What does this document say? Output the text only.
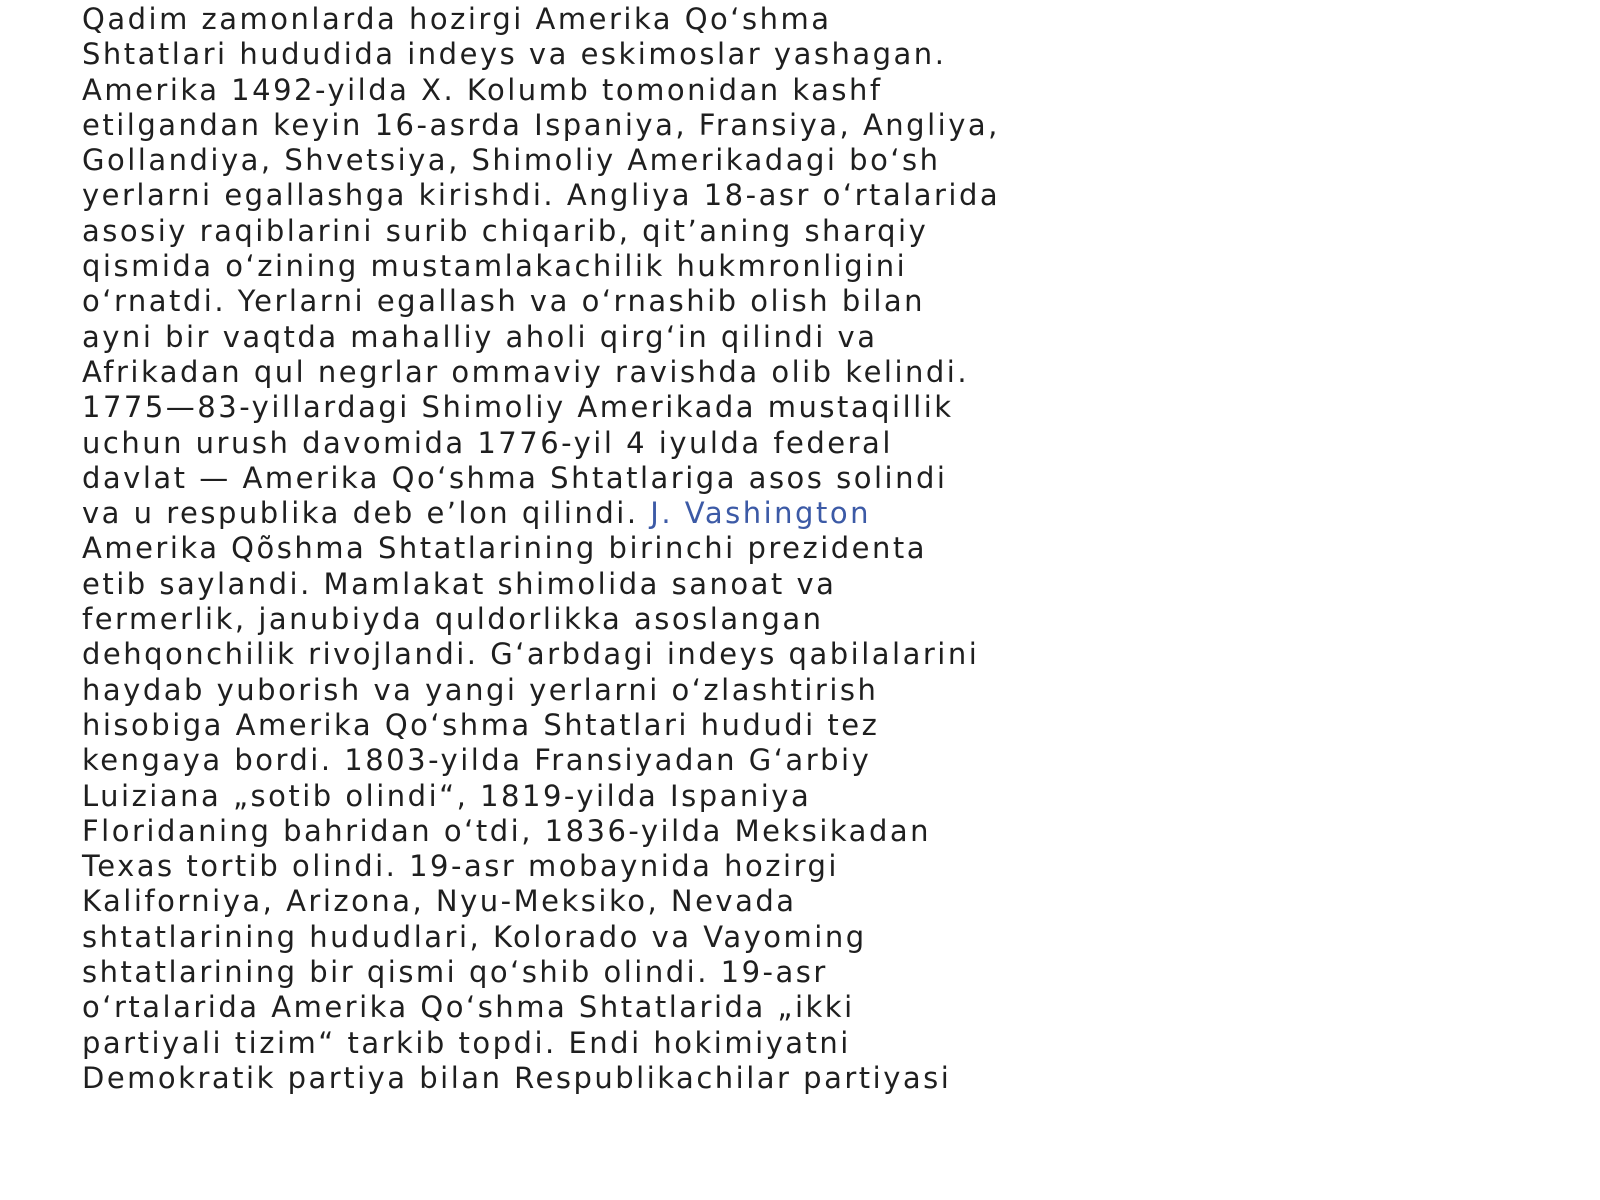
Qadim zamonlarda hozirgi Amerika Qoʻshma
Shtatlari hududida indeys va eskimoslar yashagan.
Amerika 1492-yilda X. Kolumb tomonidan kashf
etilgandan keyin 16-asrda Ispaniya, Fransiya, Angliya,
Gollandiya, Shvetsiya, Shimoliy Amerikadagi boʻsh
yerlarni egallashga kirishdi. Angliya 18-asr oʻrtalarida
asosiy raqiblarini surib chiqarib, qitʼaning sharqiy
qismida oʻzining mustamlakachilik hukmronligini
oʻrnatdi. Yerlarni egallash va oʻrnashib olish bilan
ayni bir vaqtda mahalliy aholi qirgʻin qilindi va
Afrikadan qul negrlar ommaviy ravishda olib kelindi.
1775—83-yillardagi Shimoliy Amerikada mustaqillik
uchun urush davomida 1776-yil 4 iyulda federal
davlat — Amerika Qoʻshma Shtatlariga asos solindi
va u respublika deb eʼlon qilindi. J. Vashington
Amerika Qõshma Shtatlarining birinchi prezidenta
etib saylandi. Mamlakat shimolida sanoat va
fermerlik, janubiyda quldorlikka asoslangan
dehqonchilik rivojlandi. Gʻarbdagi indeys qabilalarini
haydab yuborish va yangi yerlarni oʻzlashtirish
hisobiga Amerika Qoʻshma Shtatlari hududi tez
kengaya bordi. 1803-yilda Fransiyadan Gʻarbiy
Luiziana „sotib olindi“, 1819-yilda Ispaniya
Floridaning bahridan oʻtdi, 1836-yilda Meksikadan
Texas tortib olindi. 19-asr mobaynida hozirgi
Kaliforniya, Arizona, Nyu-Meksiko, Nevada
shtatlarining hududlari, Kolorado va Vayoming
shtatlarining bir qismi qoʻshib olindi. 19-asr
oʻrtalarida Amerika Qoʻshma Shtatlarida „ikki
partiyali tizim“ tarkib topdi. Endi hokimiyatni
Demokratik partiya bilan Respublikachilar partiyasi
